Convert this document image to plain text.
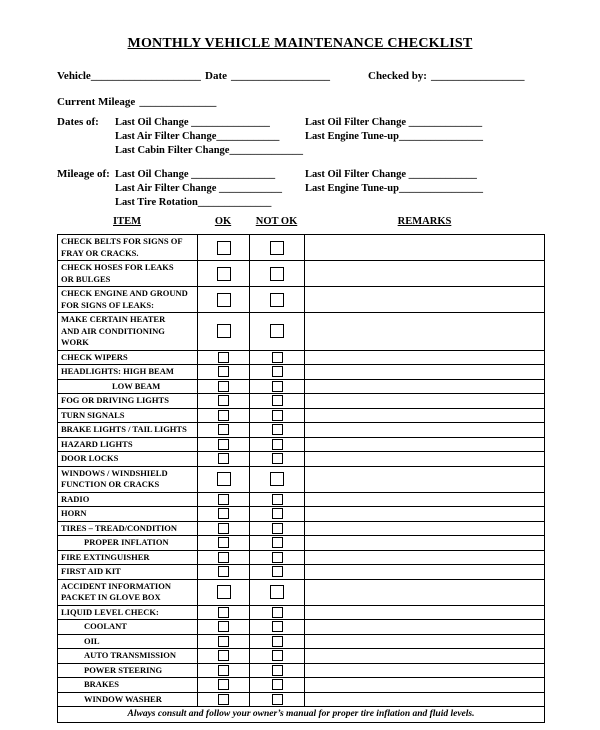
MONTHLY VEHICLE MAINTENANCE CHECKLIST
Vehicle____________________ Date __________________	Checked by: _________________
Current Mileage ______________
Dates of: Last Oil Change _______________
Last Air Filter Change____________
Last Cabin Filter Change______________
Last Oil Filter Change ______________
Last Engine Tune-up________________
Mileage of: Last Oil Change ________________
Last Air Filter Change ____________
Last Tire Rotation______________
Last Oil Filter Change _____________
Last Engine Tune-up________________
ITEM	OK	NOT OK	REMARKS
CHECK BELTS FOR SIGNS OF
FRAY OR CRACKS.
CHECK HOSES FOR LEAKS
OR BULGES
CHECK ENGINE AND GROUND
FOR SIGNS OF LEAKS:
MAKE CERTAIN HEATER
AND AIR CONDITIONING
WORK
CHECK WIPERS
HEADLIGHTS: HIGH BEAM
LOW BEAM
FOG OR DRIVING LIGHTS
TURN SIGNALS
BRAKE LIGHTS / TAIL LIGHTS
HAZARD LIGHTS
DOOR LOCKS
WINDOWS / WINDSHIELD
FUNCTION OR CRACKS
RADIO
HORN
TIRES – TREAD/CONDITION
PROPER INFLATION
FIRE EXTINGUISHER
FIRST AID KIT
ACCIDENT INFORMATION
PACKET IN GLOVE BOX
LIQUID LEVEL CHECK:
COOLANT
OIL
AUTO TRANSMISSION
POWER STEERING
BRAKES
WINDOW WASHER
Always consult and follow your owner’s manual for proper tire inflation and fluid levels.
